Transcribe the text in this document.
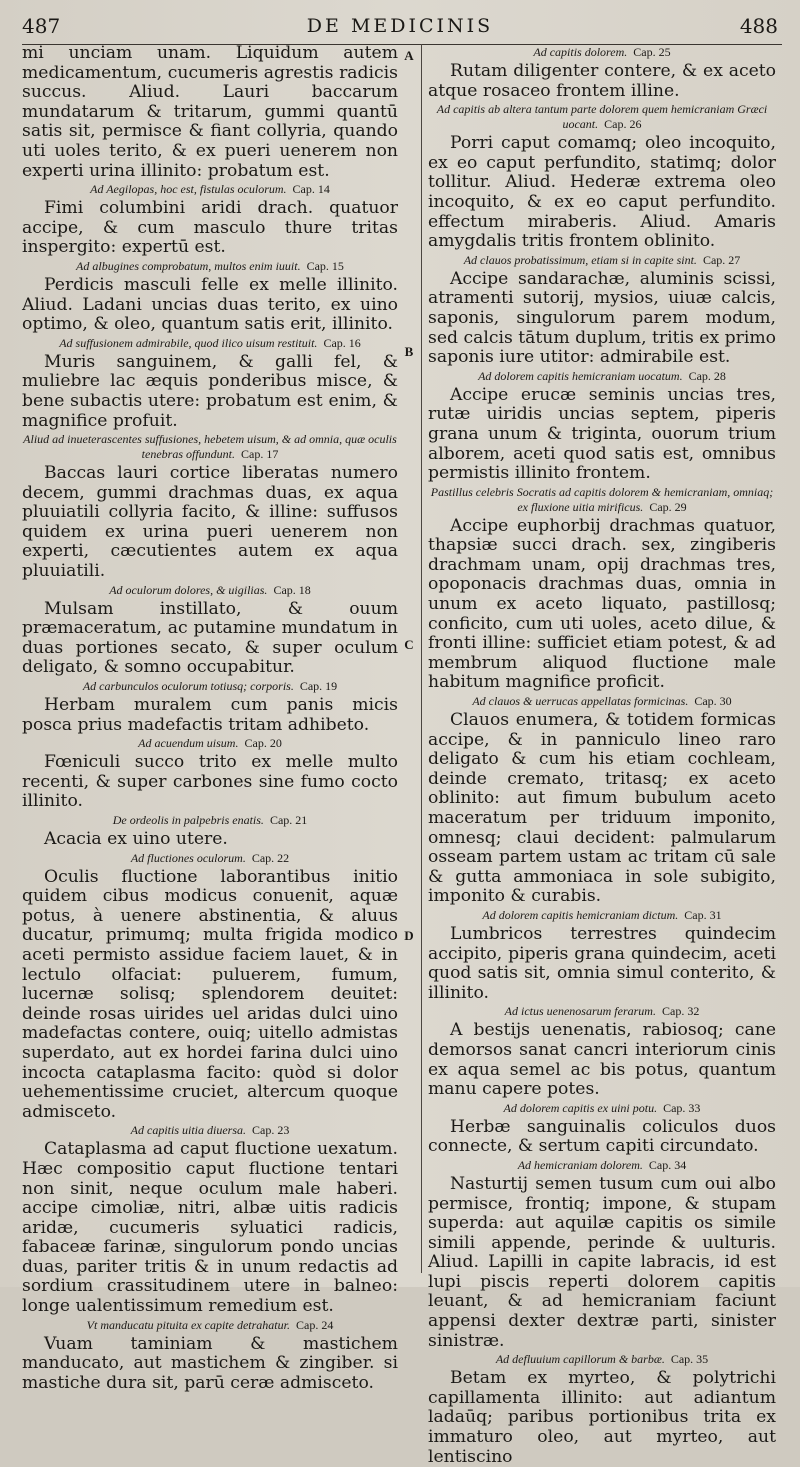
487	DE MEDICINIS	488
A
B
C
D

mi unciam unam. Liquidum autem medicamentum, cucumeris agrestis radicis succus. Aliud. Lauri baccarum mundatarum & tritarum, gummi quantū satis sit, permisce & fiant collyria, quando uti uoles terito, & ex pueri uenerem non experti urina illinito: probatum est.

Ad Aegilopas, hoc est, fistulas oculorum. Cap. 14

Fimi columbini aridi drach. quatuor accipe, & cum masculo thure tritas inspergito: expertū est.

Ad albugines comprobatum, multos enim iuuit. Cap. 15

Perdicis masculi felle ex melle illinito. Aliud. Ladani uncias duas terito, ex uino optimo, & oleo, quantum satis erit, illinito.

Ad suffusionem admirabile, quod ilico uisum restituit. Cap. 16

Muris sanguinem, & galli fel, & muliebre lac æquis ponderibus misce, & bene subactis utere: probatum est enim, & magnifice profuit.

Aliud ad inueterascentes suffusiones, hebetem uisum, & ad omnia, quæ oculis tenebras offundunt. Cap. 17

Baccas lauri cortice liberatas numero decem, gummi drachmas duas, ex aqua pluuiatili collyria facito, & illine: suffusos quidem ex urina pueri uenerem non experti, cæcutientes autem ex aqua pluuiatili.

Ad oculorum dolores, & uigilias. Cap. 18

Mulsam instillato, & ouum præmaceratum, ac putamine mundatum in duas portiones secato, & super oculum deligato, & somno occupabitur.

Ad carbunculos oculorum totiusq; corporis. Cap. 19

Herbam muralem cum panis micis posca prius madefactis tritam adhibeto.

Ad acuendum uisum. Cap. 20

Fœniculi succo trito ex melle multo recenti, & super carbones sine fumo cocto illinito.

De ordeolis in palpebris enatis. Cap. 21

Acacia ex uino utere.

Ad fluctiones oculorum. Cap. 22

Oculis fluctione laborantibus initio quidem cibus modicus conuenit, aquæ potus, à uenere abstinentia, & aluus ducatur, primumq; multa frigida modico aceti permisto assidue faciem lauet, & in lectulo olfaciat: puluerem, fumum, lucernæ solisq; splendorem deuitet: deinde rosas uirides uel aridas dulci uino madefactas contere, ouiq; uitello admistas superdato, aut ex hordei farina dulci uino incocta cataplasma facito: quòd si dolor uehementissime cruciet, altercum quoque admisceto.

Ad capitis uitia diuersa. Cap. 23

Cataplasma ad caput fluctione uexatum. Hæc compositio caput fluctione tentari non sinit, neque oculum male haberi. accipe cimoliæ, nitri, albæ uitis radicis aridæ, cucumeris syluatici radicis, fabaceæ farinæ, singulorum pondo uncias duas, pariter tritis & in unum redactis ad sordium crassitudinem utere in balneo: longe ualentissimum remedium est.

Vt manducatu pituita ex capite detrahatur. Cap. 24

Vuam taminiam & mastichem manducato, aut mastichem & zingiber. si mastiche dura sit, parū ceræ admisceto.

Ad capitis dolorem. Cap. 25

Rutam diligenter contere, & ex aceto atque rosaceo frontem illine.

Ad capitis ab altera tantum parte dolorem quem hemicraniam Græci uocant. Cap. 26

Porri caput comamq; oleo incoquito, ex eo caput perfundito, statimq; dolor tollitur. Aliud. Hederæ extrema oleo incoquito, & ex eo caput perfundito. effectum miraberis. Aliud. Amaris amygdalis tritis frontem oblinito.

Ad clauos probatissimum, etiam si in capite sint. Cap. 27

Accipe sandarachæ, aluminis scissi, atramenti sutorij, mysios, uiuæ calcis, saponis, singulorum parem modum, sed calcis tātum duplum, tritis ex primo saponis iure utitor: admirabile est.

Ad dolorem capitis hemicraniam uocatum. Cap. 28

Accipe erucæ seminis uncias tres, rutæ uiridis uncias septem, piperis grana unum & triginta, ouorum trium alborem, aceti quod satis est, omnibus permistis illinito frontem.

Pastillus celebris Socratis ad capitis dolorem & hemicraniam, omniaq; ex fluxione uitia mirificus. Cap. 29

Accipe euphorbij drachmas quatuor, thapsiæ succi drach. sex, zingiberis drachmam unam, opij drachmas tres, opoponacis drachmas duas, omnia in unum ex aceto liquato, pastillosq; conficito, cum uti uoles, aceto dilue, & fronti illine: sufficiet etiam potest, & ad membrum aliquod fluctione male habitum magnifice proficit.

Ad clauos & uerrucas appellatas formicinas. Cap. 30

Clauos enumera, & totidem formicas accipe, & in panniculo lineo raro deligato & cum his etiam cochleam, deinde cremato, tritasq; ex aceto oblinito: aut fimum bubulum aceto maceratum per triduum imponito, omnesq; claui decident: palmularum osseam partem ustam ac tritam cū sale & gutta ammoniaca in sole subigito, imponito & curabis.

Ad dolorem capitis hemicraniam dictum. Cap. 31

Lumbricos terrestres quindecim accipito, piperis grana quindecim, aceti quod satis sit, omnia simul conterito, & illinito.

Ad ictus uenenosarum ferarum. Cap. 32

A bestijs uenenatis, rabiosoq; cane demorsos sanat cancri interiorum cinis ex aqua semel ac bis potus, quantum manu capere potes.

Ad dolorem capitis ex uini potu. Cap. 33

Herbæ sanguinalis coliculos duos connecte, & sertum capiti circundato.

Ad hemicraniam dolorem. Cap. 34

Nasturtij semen tusum cum oui albo permisce, frontiq; impone, & stupam superda: aut aquilæ capitis os simile simili appende, perinde & uulturis. Aliud. Lapilli in capite labracis, id est lupi piscis reperti dolorem capitis leuant, & ad hemicraniam faciunt appensi dexter dextræ parti, sinister sinistræ.

Ad defluuium capillorum & barbæ. Cap. 35

Betam ex myrteo, & polytrichi capillamenta illinito: aut adiantum ladaūq; paribus portionibus trita ex immaturo oleo, aut myrteo, aut lentiscino
